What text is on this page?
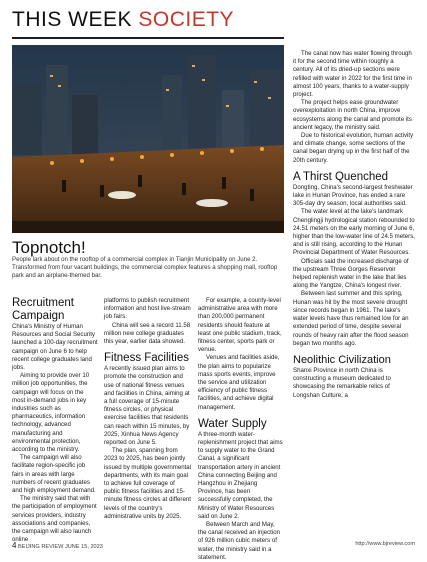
THIS WEEK SOCIETY
Topnotch!
People lark about on the rooftop of a commercial complex in Tianjin Municipality on June 2. Transformed from four vacant buildings, the commercial complex features a shopping mall, rooftop park and an airplane-themed bar.
Recruitment Campaign

China's Ministry of Human Resources and Social Security launched a 100-day recruitment campaign on June 6 to help recent college graduates land jobs.

Aiming to provide over 10 million job opportunities, the campaign will focus on the most in-demand jobs in key industries such as pharmaceutics, information technology, advanced manufacturing and environmental protection, according to the ministry.

The campaign will also facilitate region-specific job fairs in areas with large numbers of recent graduates and high employment demand.

The ministry said that with the participation of employment services providers, industry associations and companies, the campaign will also launch online

platforms to publish recruitment information and host live-stream job fairs.

China will see a record 11.58 million new college graduates this year, earlier data showed.

Fitness Facilities

A recently issued plan aims to promote the construction and use of national fitness venues and facilities in China, aiming at a full coverage of 15-minute fitness circles, or physical exercise facilities that residents can reach within 15 minutes, by 2025, Xinhua News Agency reported on June 5.

The plan, spanning from 2023 to 2025, has been jointly issued by multiple governmental departments, with its main goal to achieve full coverage of public fitness facilities and 15-minute fitness circles at different levels of the country's administrative units by 2025.

For example, a county-level administrative area with more than 200,000 permanent residents should feature at least one public stadium, track, fitness center, sports park or venue.

Venues and facilities aside, the plan aims to popularize mass sports events, improve the service and utilization efficiency of public fitness facilities, and achieve digital management.

Water Supply

A three-month water-replenishment project that aims to supply water to the Grand Canal, a significant transportation artery in ancient China connecting Beijing and Hangzhou in Zhejiang Province, has been successfully completed, the Ministry of Water Resources said on June 2.

Between March and May, the canal received an injection of 926 million cubic meters of water, the ministry said in a statement.

The canal now has water flowing through it for the second time within roughly a century. All of its dried-up sections were refilled with water in 2022 for the first time in almost 100 years, thanks to a water-supply project.

The project helps ease groundwater overexploitation in north China, improve ecosystems along the canal and promote its ancient legacy, the ministry said.

Due to historical evolution, human activity and climate change, some sections of the canal began drying up in the first half of the 20th century.

A Thirst Quenched

Dongting, China's second-largest freshwater lake in Hunan Province, has ended a rare 305-day dry season, local authorities said.

The water level at the lake's landmark Chenglingji hydrological station rebounded to 24.51 meters on the early morning of June 6, higher than the low-water line of 24.5 meters, and is still rising, according to the Hunan Provincial Department of Water Resources.

Officials said the increased discharge of the upstream Three Gorges Reservoir helped replenish water in the lake that lies along the Yangtze, China's longest river.

Between last summer and this spring, Hunan was hit by the most severe drought since records began in 1961. The lake's water levels have thus remained low for an extended period of time, despite several rounds of heavy rain after the flood season began two months ago.

Neolithic Civilization

Shanxi Province in north China is constructing a museum dedicated to showcasing the remarkable relics of Longshan Culture, a

4 BEIJING REVIEW JUNE 15, 2023	http://www.bjreview.com
